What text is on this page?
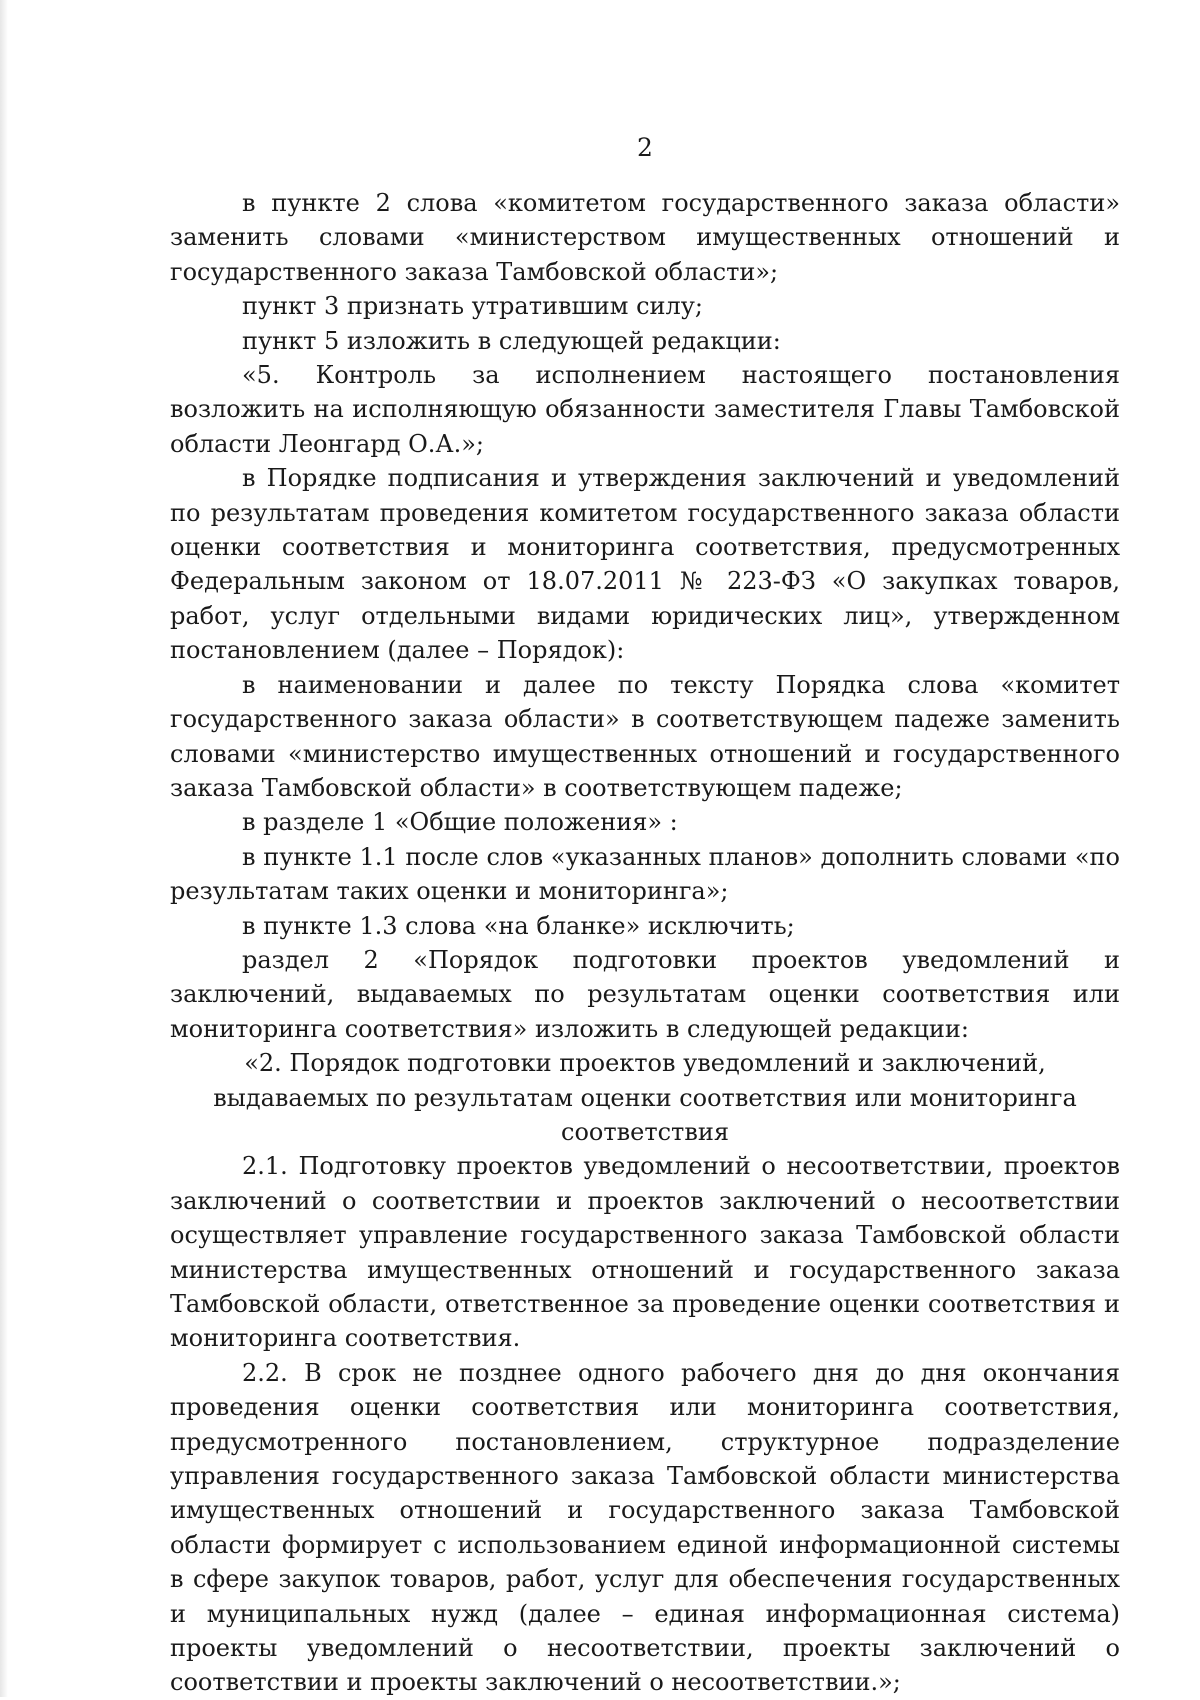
2

в пункте 2 слова «комитетом государственного заказа области» заменить словами «министерством имущественных отношений и государственного заказа Тамбовской области»;

пункт 3 признать утратившим силу;

пункт 5 изложить в следующей редакции:

«5. Контроль за исполнением настоящего постановления возложить на исполняющую обязанности заместителя Главы Тамбовской области Леонгард О.А.»;

в Порядке подписания и утверждения заключений и уведомлений по результатам проведения комитетом государственного заказа области оценки соответствия и мониторинга соответствия, предусмотренных Федеральным законом от 18.07.2011 № 223-ФЗ «О закупках товаров, работ, услуг отдельными видами юридических лиц», утвержденном постановлением (далее – Порядок):

в наименовании и далее по тексту Порядка слова «комитет государственного заказа области» в соответствующем падеже заменить словами «министерство имущественных отношений и государственного заказа Тамбовской области» в соответствующем падеже;

в разделе 1 «Общие положения» :

в пункте 1.1 после слов «указанных планов» дополнить словами «по результатам таких оценки и мониторинга»;

в пункте 1.3 слова «на бланке» исключить;

раздел 2 «Порядок подготовки проектов уведомлений и заключений, выдаваемых по результатам оценки соответствия или мониторинга соответствия» изложить в следующей редакции:

«2. Порядок подготовки проектов уведомлений и заключений,

выдаваемых по результатам оценки соответствия или мониторинга

соответствия

2.1. Подготовку проектов уведомлений о несоответствии, проектов заключений о соответствии и проектов заключений о несоответствии осуществляет управление государственного заказа Тамбовской области министерства имущественных отношений и государственного заказа Тамбовской области, ответственное за проведение оценки соответствия и мониторинга соответствия.

2.2. В срок не позднее одного рабочего дня до дня окончания проведения оценки соответствия или мониторинга соответствия, предусмотренного постановлением, структурное подразделение управления государственного заказа Тамбовской области министерства имущественных отношений и государственного заказа Тамбовской области формирует с использованием единой информационной системы в сфере закупок товаров, работ, услуг для обеспечения государственных и муниципальных нужд (далее – единая информационная система) проекты уведомлений о несоответствии, проекты заключений о соответствии и проекты заключений о несоответствии.»;
